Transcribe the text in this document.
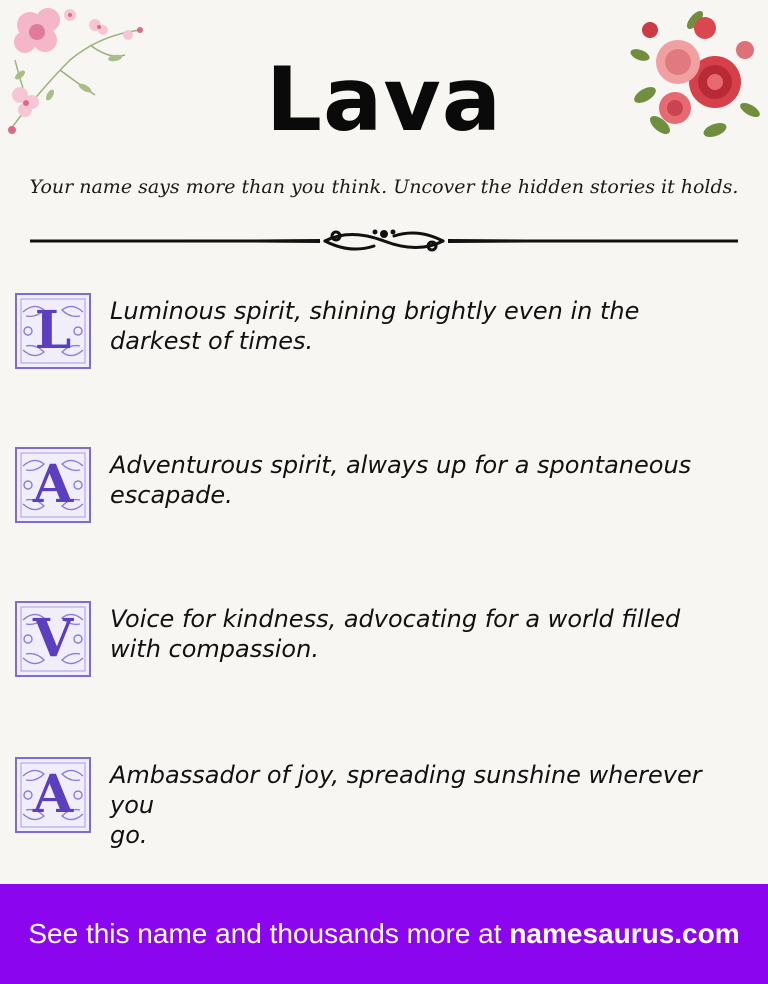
Lava
Your name says more than you think. Uncover the hidden stories it holds.
L	Luminous spirit, shining brightly even in the
darkest of times.
A	Adventurous spirit, always up for a spontaneous
escapade.
V	Voice for kindness, advocating for a world filled
with compassion.
A	Ambassador of joy, spreading sunshine wherever you
go.
See this name and thousands more at namesaurus.com
